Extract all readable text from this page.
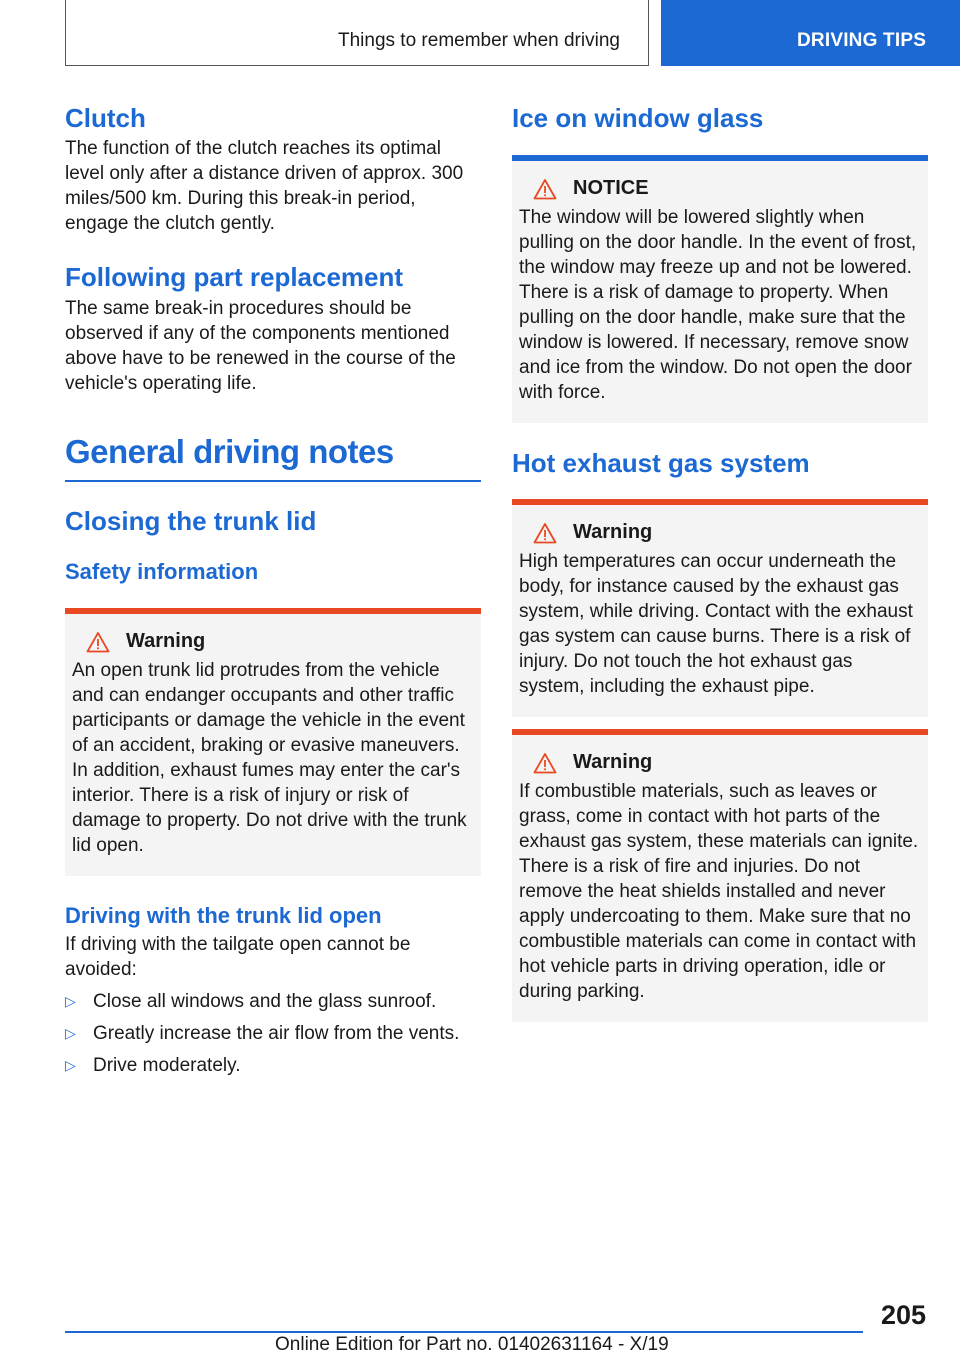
Things to remember when driving	DRIVING TIPS
Clutch

The function of the clutch reaches its optimal level only after a distance driven of approx. 300 miles/500 km. During this break-in period, engage the clutch gently.

Following part replacement

The same break-in procedures should be observed if any of the components mentioned above have to be renewed in the course of the vehicle's operating life.

General driving notes
Closing the trunk lid
Safety information
Warning

An open trunk lid protrudes from the vehicle and can endanger occupants and other traffic participants or damage the vehicle in the event of an accident, braking or evasive maneuvers. In addition, exhaust fumes may enter the car's interior. There is a risk of injury or risk of damage to property. Do not drive with the trunk lid open.

Driving with the trunk lid open

If driving with the tailgate open cannot be avoided:

▷ Close all windows and the glass sunroof.
▷ Greatly increase the air flow from the vents.
▷ Drive moderately.
Ice on window glass
NOTICE

The window will be lowered slightly when pulling on the door handle. In the event of frost, the window may freeze up and not be lowered. There is a risk of damage to property. When pulling on the door handle, make sure that the window is lowered. If necessary, remove snow and ice from the window. Do not open the door with force.

Hot exhaust gas system
Warning

High temperatures can occur underneath the body, for instance caused by the exhaust gas system, while driving. Contact with the exhaust gas system can cause burns. There is a risk of injury. Do not touch the hot exhaust gas system, including the exhaust pipe.

Warning

If combustible materials, such as leaves or grass, come in contact with hot parts of the exhaust gas system, these materials can ignite. There is a risk of fire and injuries. Do not remove the heat shields installed and never apply undercoating to them. Make sure that no combustible materials can come in contact with hot vehicle parts in driving operation, idle or during parking.

205
Online Edition for Part no. 01402631164 - X/19
